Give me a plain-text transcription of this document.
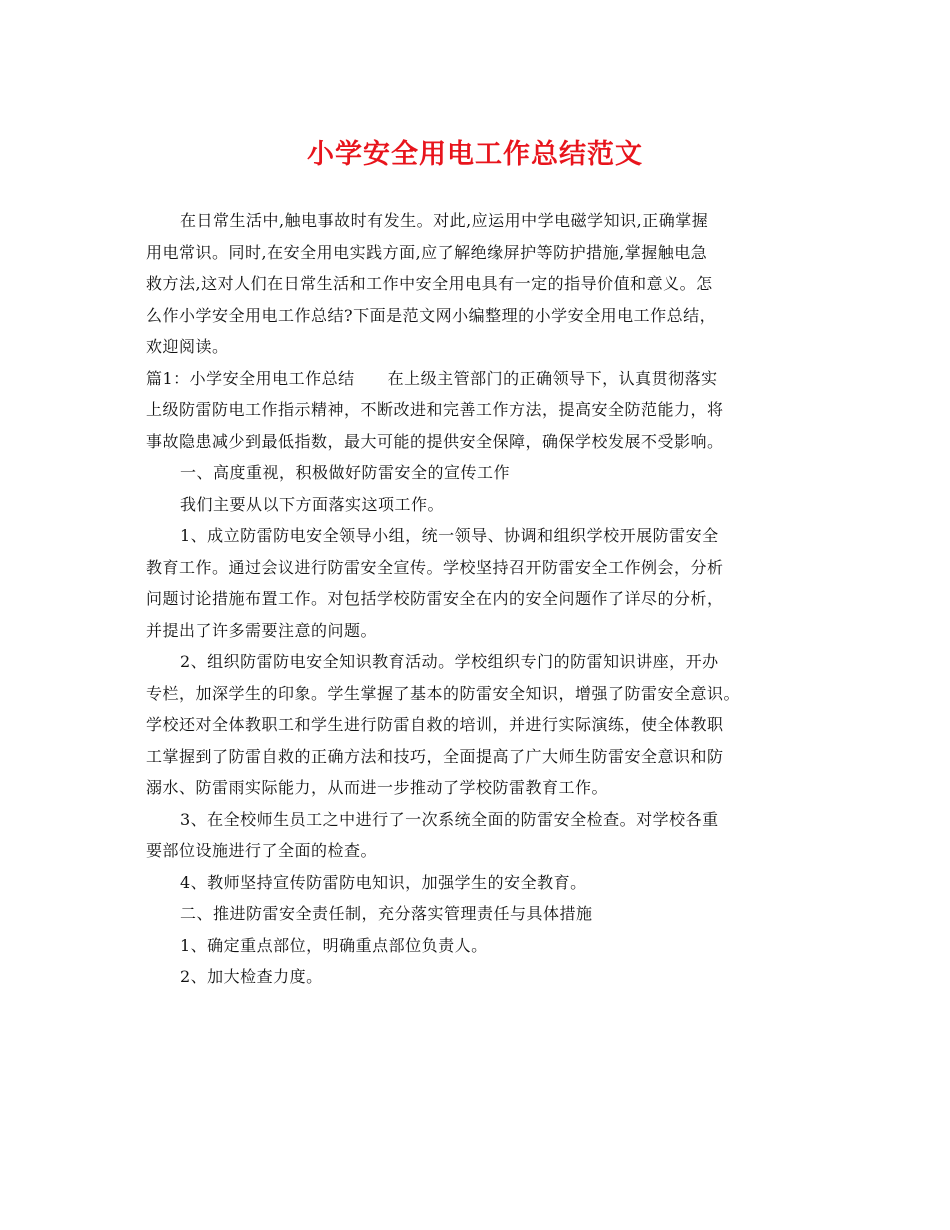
小学安全用电工作总结范文
在日常生活中,触电事故时有发生。对此,应运用中学电磁学知识,正确掌握
用电常识。同时,在安全用电实践方面,应了解绝缘屏护等防护措施,掌握触电急
救方法,这对人们在日常生活和工作中安全用电具有一定的指导价值和意义。怎
么作小学安全用电工作总结?下面是范文网小编整理的小学安全用电工作总结，
欢迎阅读。
篇1：小学安全用电工作总结　　在上级主管部门的正确领导下，认真贯彻落实
上级防雷防电工作指示精神，不断改进和完善工作方法，提高安全防范能力，将
事故隐患减少到最低指数，最大可能的提供安全保障，确保学校发展不受影响。
一、高度重视，积极做好防雷安全的宣传工作
我们主要从以下方面落实这项工作。
1、成立防雷防电安全领导小组，统一领导、协调和组织学校开展防雷安全
教育工作。通过会议进行防雷安全宣传。学校坚持召开防雷安全工作例会，分析
问题讨论措施布置工作。对包括学校防雷安全在内的安全问题作了详尽的分析，
并提出了许多需要注意的问题。
2、组织防雷防电安全知识教育活动。学校组织专门的防雷知识讲座，开办
专栏，加深学生的印象。学生掌握了基本的防雷安全知识，增强了防雷安全意识。
学校还对全体教职工和学生进行防雷自救的培训，并进行实际演练，使全体教职
工掌握到了防雷自救的正确方法和技巧，全面提高了广大师生防雷安全意识和防
溺水、防雷雨实际能力，从而进一步推动了学校防雷教育工作。
3、在全校师生员工之中进行了一次系统全面的防雷安全检查。对学校各重
要部位设施进行了全面的检查。
4、教师坚持宣传防雷防电知识，加强学生的安全教育。
二、推进防雷安全责任制，充分落实管理责任与具体措施
1、确定重点部位，明确重点部位负责人。
2、加大检查力度。
